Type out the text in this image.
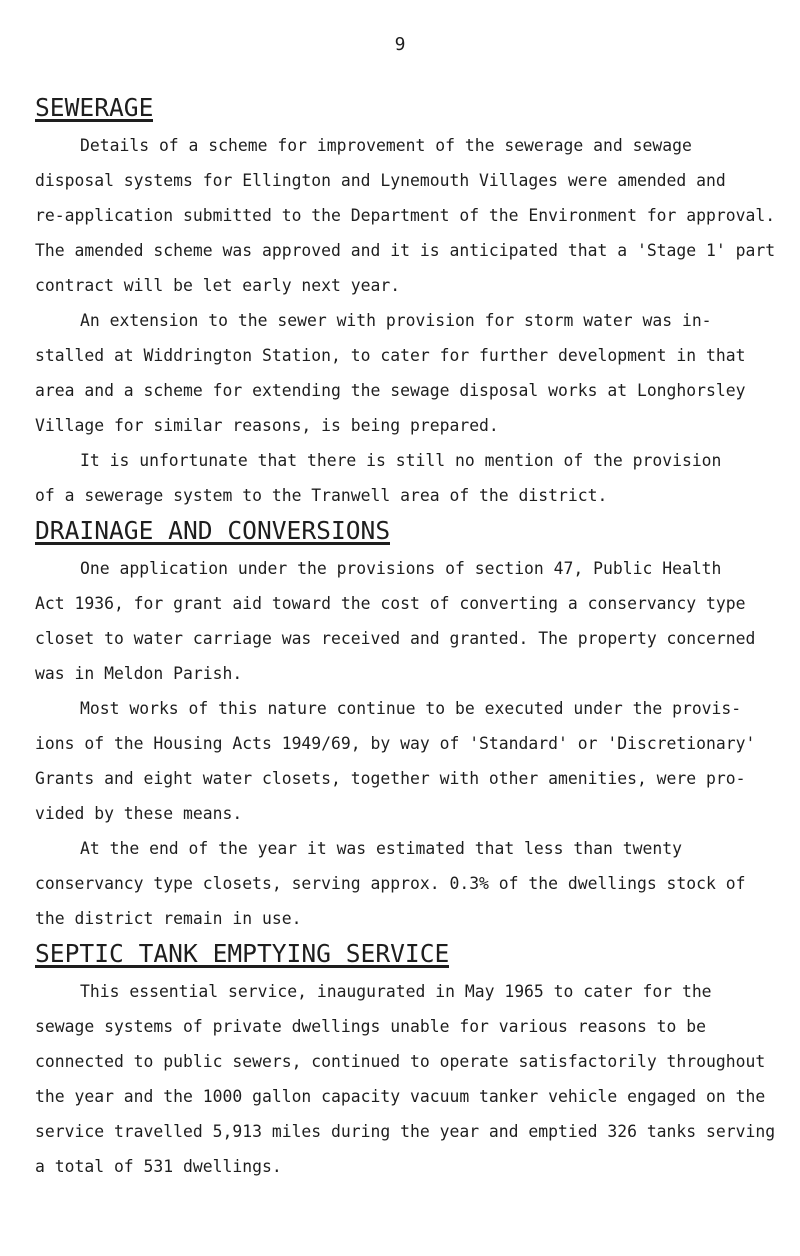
9
SEWERAGE
Details of a scheme for improvement of the sewerage and sewage
disposal systems for Ellington and Lynemouth Villages were amended and
re-application submitted to the Department of the Environment for approval.
The amended scheme was approved and it is anticipated that a 'Stage 1' part
contract will be let early next year.
An extension to the sewer with provision for storm water was in-
stalled at Widdrington Station, to cater for further development in that
area and a scheme for extending the sewage disposal works at Longhorsley
Village for similar reasons, is being prepared.
It is unfortunate that there is still no mention of the provision
of a sewerage system to the Tranwell area of the district.
DRAINAGE AND CONVERSIONS
One application under the provisions of section 47, Public Health
Act 1936, for grant aid toward the cost of converting a conservancy type
closet to water carriage was received and granted. The property concerned
was in Meldon Parish.
Most works of this nature continue to be executed under the provis-
ions of the Housing Acts 1949/69, by way of 'Standard' or 'Discretionary'
Grants and eight water closets, together with other amenities, were pro-
vided by these means.
At the end of the year it was estimated that less than twenty
conservancy type closets, serving approx. 0.3% of the dwellings stock of
the district remain in use.
SEPTIC TANK EMPTYING SERVICE
This essential service, inaugurated in May 1965 to cater for the
sewage systems of private dwellings unable for various reasons to be
connected to public sewers, continued to operate satisfactorily throughout
the year and the 1000 gallon capacity vacuum tanker vehicle engaged on the
service travelled 5,913 miles during the year and emptied 326 tanks serving
a total of 531 dwellings.
